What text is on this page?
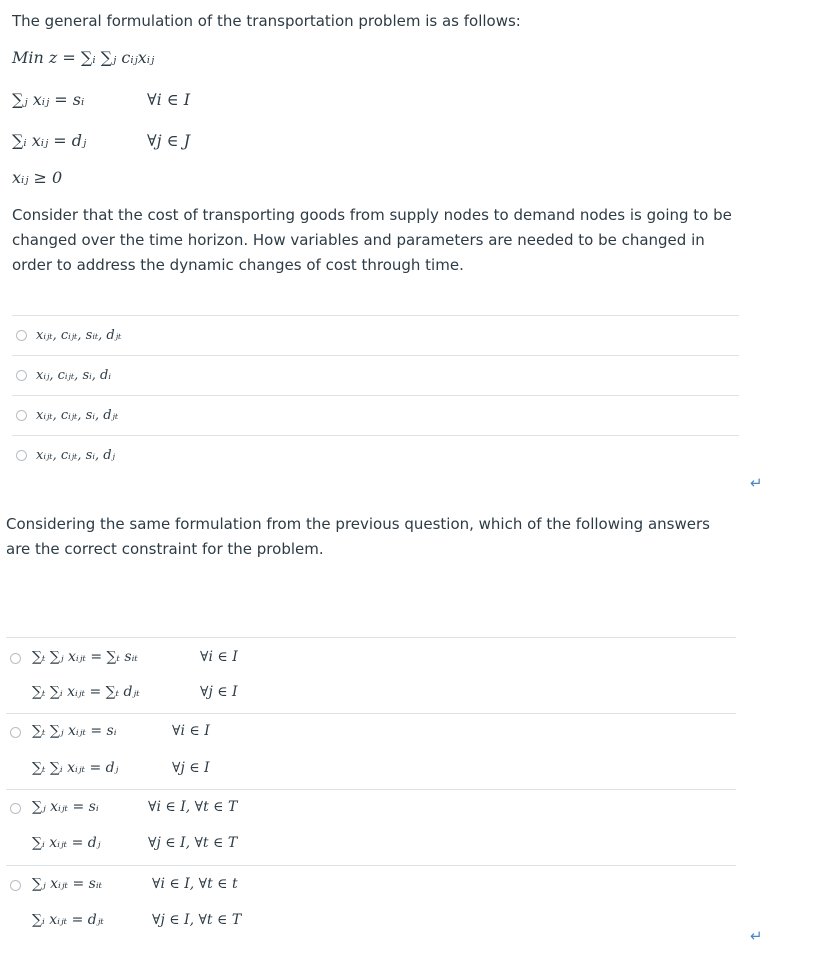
The general formulation of the transportation problem is as follows:
Min z = ∑ᵢ ∑ⱼ cᵢⱼxᵢⱼ
∑ⱼ xᵢⱼ = sᵢ	∀i ∈ I
∑ᵢ xᵢⱼ = dⱼ	∀j ∈ J
xᵢⱼ ≥ 0

Consider that the cost of transporting goods from supply nodes to demand nodes is going to be changed over the time horizon. How variables and parameters are needed to be changed in order to address the dynamic changes of cost through time.

xᵢⱼₜ, cᵢⱼₜ, sᵢₜ, dⱼₜ
xᵢⱼ, cᵢⱼₜ, sᵢ, dᵢ
xᵢⱼₜ, cᵢⱼₜ, sᵢ, dⱼₜ
xᵢⱼₜ, cᵢⱼₜ, sᵢ, dⱼ
↵

Considering the same formulation from the previous question, which of the following answers are the correct constraint for the problem.

∑ₜ ∑ⱼ xᵢⱼₜ = ∑ₜ sᵢₜ	∀i ∈ I
∑ₜ ∑ᵢ xᵢⱼₜ = ∑ₜ dⱼₜ	∀j ∈ I
∑ₜ ∑ⱼ xᵢⱼₜ = sᵢ	∀i ∈ I
∑ₜ ∑ᵢ xᵢⱼₜ = dⱼ	∀j ∈ I
∑ⱼ xᵢⱼₜ = sᵢ	∀i ∈ I, ∀t ∈ T
∑ᵢ xᵢⱼₜ = dⱼ	∀j ∈ I, ∀t ∈ T
∑ⱼ xᵢⱼₜ = sᵢₜ	∀i ∈ I, ∀t ∈ t
∑ᵢ xᵢⱼₜ = dⱼₜ	∀j ∈ I, ∀t ∈ T
↵
